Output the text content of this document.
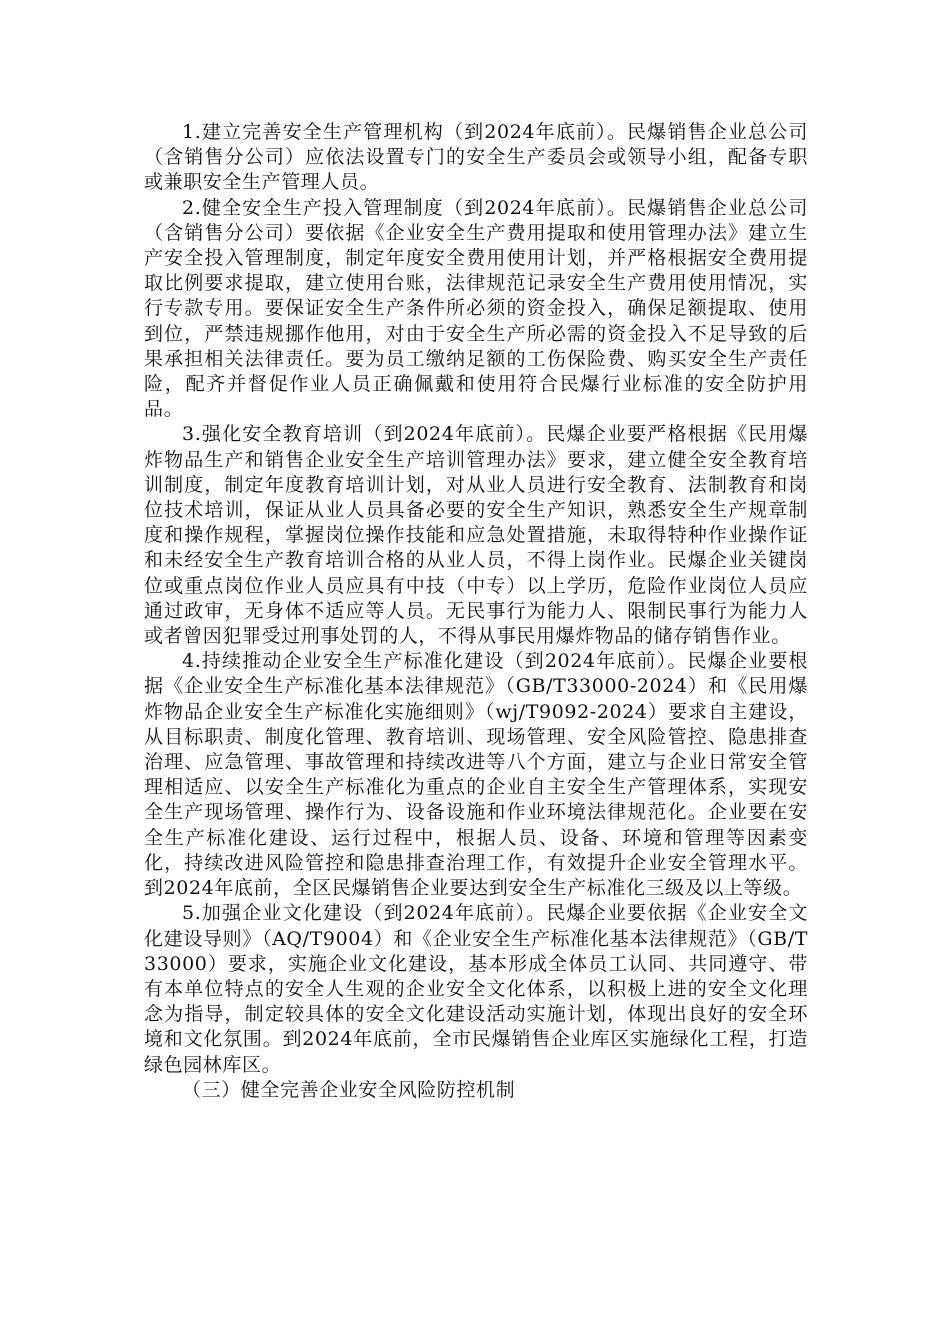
1.建立完善安全生产管理机构（到2024年底前）。民爆销售企业总公司（含销售分公司）应依法设置专门的安全生产委员会或领导小组，配备专职或兼职安全生产管理人员。

2.健全安全生产投入管理制度（到2024年底前）。民爆销售企业总公司（含销售分公司）要依据《企业安全生产费用提取和使用管理办法》建立生产安全投入管理制度，制定年度安全费用使用计划，并严格根据安全费用提取比例要求提取，建立使用台账，法律规范记录安全生产费用使用情况，实行专款专用。要保证安全生产条件所必须的资金投入，确保足额提取、使用到位，严禁违规挪作他用，对由于安全生产所必需的资金投入不足导致的后果承担相关法律责任。要为员工缴纳足额的工伤保险费、购买安全生产责任险，配齐并督促作业人员正确佩戴和使用符合民爆行业标准的安全防护用品。

3.强化安全教育培训（到2024年底前）。民爆企业要严格根据《民用爆炸物品生产和销售企业安全生产培训管理办法》要求，建立健全安全教育培训制度，制定年度教育培训计划，对从业人员进行安全教育、法制教育和岗位技术培训，保证从业人员具备必要的安全生产知识，熟悉安全生产规章制度和操作规程，掌握岗位操作技能和应急处置措施，未取得特种作业操作证和未经安全生产教育培训合格的从业人员，不得上岗作业。民爆企业关键岗位或重点岗位作业人员应具有中技（中专）以上学历，危险作业岗位人员应通过政审，无身体不适应等人员。无民事行为能力人、限制民事行为能力人或者曾因犯罪受过刑事处罚的人，不得从事民用爆炸物品的储存销售作业。

4.持续推动企业安全生产标准化建设（到2024年底前）。民爆企业要根据《企业安全生产标准化基本法律规范》（GB/T33000-2024）和《民用爆炸物品企业安全生产标准化实施细则》（wj/T9092-2024）要求自主建设，从目标职责、制度化管理、教育培训、现场管理、安全风险管控、隐患排查治理、应急管理、事故管理和持续改进等八个方面，建立与企业日常安全管理相适应、以安全生产标准化为重点的企业自主安全生产管理体系，实现安全生产现场管理、操作行为、设备设施和作业环境法律规范化。企业要在安全生产标准化建设、运行过程中，根据人员、设备、环境和管理等因素变化，持续改进风险管控和隐患排查治理工作，有效提升企业安全管理水平。到2024年底前，全区民爆销售企业要达到安全生产标准化三级及以上等级。

5.加强企业文化建设（到2024年底前）。民爆企业要依据《企业安全文化建设导则》（AQ/T9004）和《企业安全生产标准化基本法律规范》（GB/T33000）要求，实施企业文化建设，基本形成全体员工认同、共同遵守、带有本单位特点的安全人生观的企业安全文化体系，以积极上进的安全文化理念为指导，制定较具体的安全文化建设活动实施计划，体现出良好的安全环境和文化氛围。到2024年底前，全市民爆销售企业库区实施绿化工程，打造绿色园林库区。

（三）健全完善企业安全风险防控机制
